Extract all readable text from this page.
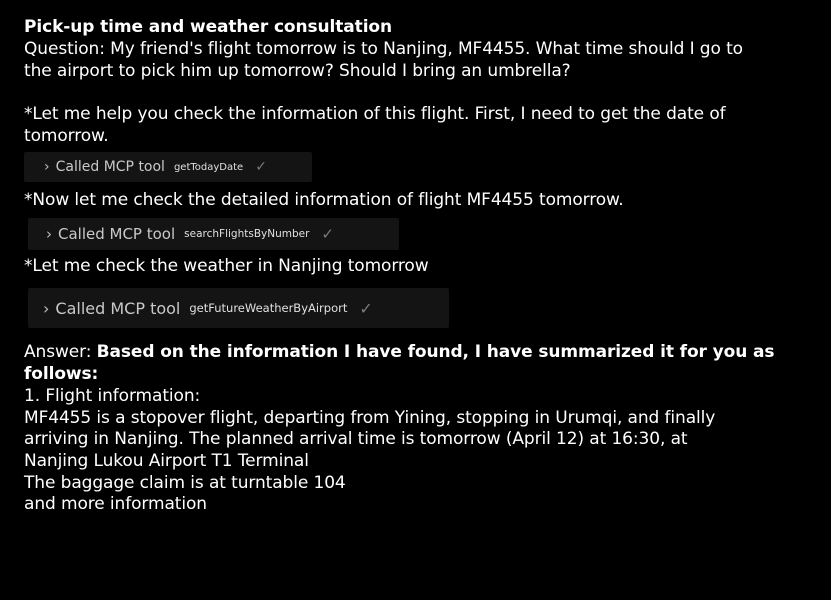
Pick-up time and weather consultation
Question: My friend's flight tomorrow is to Nanjing, MF4455. What time should I go to
the airport to pick him up tomorrow? Should I bring an umbrella?
*Let me help you check the information of this flight. First, I need to get the date of
tomorrow.
› Called MCP tool getTodayDate ✓
*Now let me check the detailed information of flight MF4455 tomorrow.
› Called MCP tool searchFlightsByNumber ✓
*Let me check the weather in Nanjing tomorrow
› Called MCP tool getFutureWeatherByAirport ✓
Answer: Based on the information I have found, I have summarized it for you as
follows:
1. Flight information:
MF4455 is a stopover flight, departing from Yining, stopping in Urumqi, and finally
arriving in Nanjing. The planned arrival time is tomorrow (April 12) at 16:30, at
Nanjing Lukou Airport T1 Terminal
The baggage claim is at turntable 104
and more information
